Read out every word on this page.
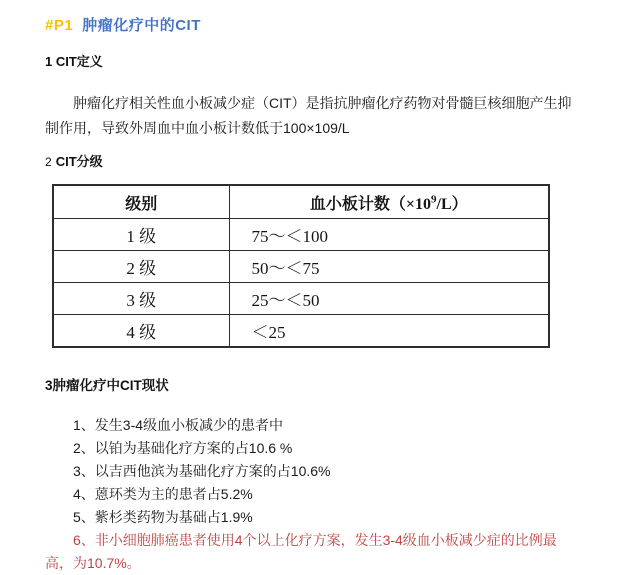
#P1 肿瘤化疗中的CIT
1 CIT定义

肿瘤化疗相关性血小板减少症（CIT）是指抗肿瘤化疗药物对骨髓巨核细胞产生抑制作用，导致外周血中血小板计数低于100×109/L

2 CIT分级
级别	血小板计数$(\times 10^9/L)$
1 级	75～＜100
2 级	50～＜75
3 级	25～＜50
4 级	＜25
3肿瘤化疗中CIT现状

1、发生3-4级血小板减少的患者中

2、以铂为基础化疗方案的占10.6 %

3、以吉西他滨为基础化疗方案的占10.6%

4、蒽环类为主的患者占5.2%

5、紫杉类药物为基础占1.9%

6、非小细胞肺癌患者使用4个以上化疗方案，发生3-4级血小板减少症的比例最高，为10.7%。
